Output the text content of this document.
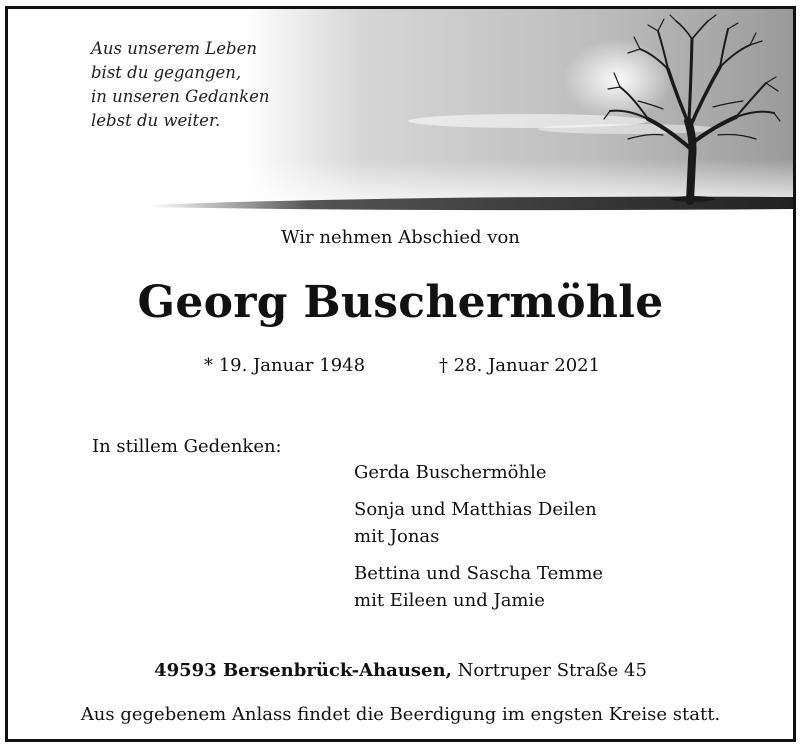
Aus unserem Leben
bist du gegangen,
in unseren Gedanken
lebst du weiter.
Wir nehmen Abschied von
Georg Buschermöhle
* 19. Januar 1948	† 28. Januar 2021
In stillem Gedenken:
Gerda Buschermöhle
Sonja und Matthias Deilen
mit Jonas
Bettina und Sascha Temme
mit Eileen und Jamie
49593 Bersenbrück-Ahausen, Nortruper Straße 45
Aus gegebenem Anlass findet die Beerdigung im engsten Kreise statt.
